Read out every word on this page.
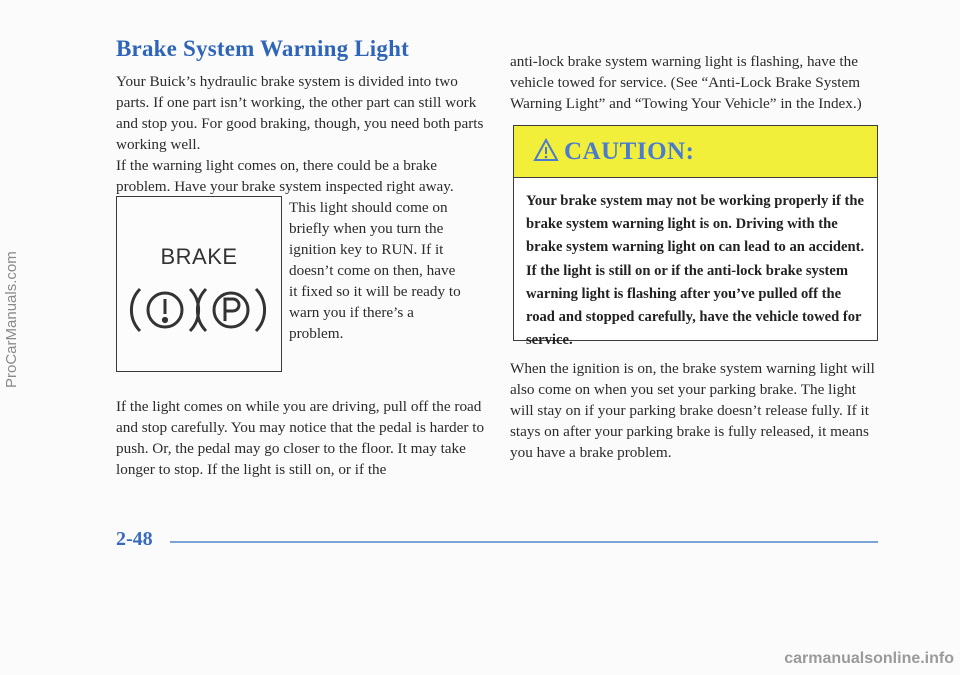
Brake System Warning Light

Your Buick’s hydraulic brake system is divided into two parts. If one part isn’t working, the other part can still work and stop you. For good braking, though, you need both parts working well.

If the warning light comes on, there could be a brake problem. Have your brake system inspected right away.

BRAKE

This light should come on briefly when you turn the ignition key to RUN. If it doesn’t come on then, have it fixed so it will be ready to warn you if there’s a problem.

If the light comes on while you are driving, pull off the road and stop carefully. You may notice that the pedal is harder to push. Or, the pedal may go closer to the floor. It may take longer to stop. If the light is still on, or if the

anti-lock brake system warning light is flashing, have the vehicle towed for service. (See “Anti-Lock Brake System Warning Light” and “Towing Your Vehicle” in the Index.)

CAUTION:

Your brake system may not be working properly if the brake system warning light is on. Driving with the brake system warning light on can lead to an accident. If the light is still on or if the anti-lock brake system warning light is flashing after you’ve pulled off the road and stopped carefully, have the vehicle towed for service.

When the ignition is on, the brake system warning light will also come on when you set your parking brake. The light will stay on if your parking brake doesn’t release fully. If it stays on after your parking brake is fully released, it means you have a brake problem.

2-48
ProCarManuals.com
carmanualsonline.info
